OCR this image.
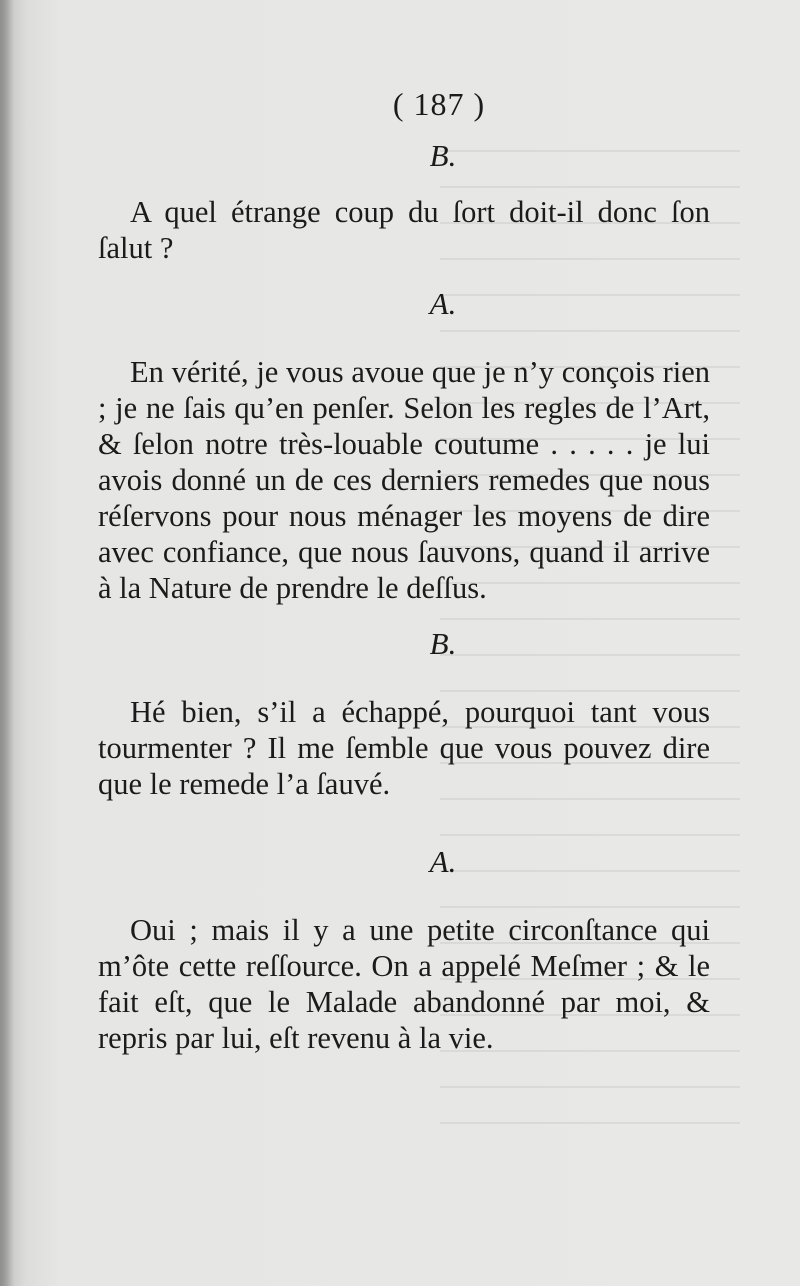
( 187 )
B.

A quel étrange coup du ſort doit-il donc ſon ſalut ?

A.

En vérité, je vous avoue que je n’y conçois rien ; je ne ſais qu’en penſer. Selon les regles de l’Art, & ſelon notre très-louable coutume . . . . . je lui avois donné un de ces derniers remedes que nous réſervons pour nous ménager les moyens de dire avec confiance, que nous ſauvons, quand il arrive à la Nature de prendre le deſſus.

B.

Hé bien, s’il a échappé, pourquoi tant vous tourmenter ? Il me ſemble que vous pouvez dire que le remede l’a ſauvé.

A.

Oui ; mais il y a une petite circonſtance qui m’ôte cette reſſource. On a appelé Meſmer ; & le fait eſt, que le Malade abandonné par moi, & repris par lui, eſt revenu à la vie.
